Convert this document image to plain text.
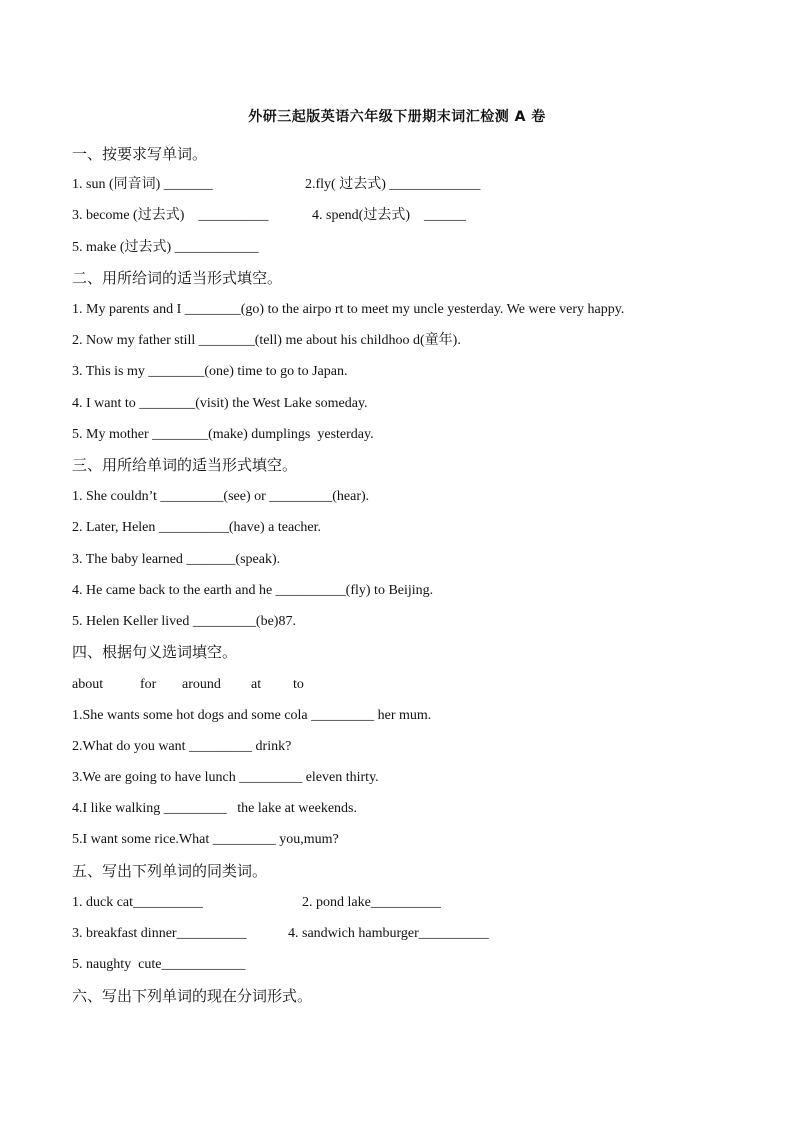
外研三起版英语六年级下册期末词汇检测 A 卷
一、按要求写单词。
1. sun (同音词) _______	2.fly( 过去式) _____________
3. become (过去式)    __________	4. spend(过去式)    ______
5. make (过去式) ____________
二、用所给词的适当形式填空。
1. My parents and I ________(go) to the airpo rt to meet my uncle yesterday. We were very happy.
2. Now my father still ________(tell) me about his childhoo d(童年).
3. This is my ________(one) time to go to Japan.
4. I want to ________(visit) the West Lake someday.
5. My mother ________(make) dumplings  yesterday.
三、用所给单词的适当形式填空。
1. She couldn’t _________(see) or _________(hear).
2. Later, Helen __________(have) a teacher.
3. The baby learned _______(speak).
4. He came back to the earth and he __________(fly) to Beijing.
5. Helen Keller lived _________(be)87.
四、根据句义选词填空。
about	for around at to
1.She wants some hot dogs and some cola _________ her mum.
2.What do you want _________ drink?
3.We are going to have lunch _________ eleven thirty.
4.I like walking _________   the lake at weekends.
5.I want some rice.What _________ you,mum?
五、写出下列单词的同类词。
1. duck cat__________	2. pond lake__________
3. breakfast dinner__________	4. sandwich hamburger__________
5. naughty  cute____________
六、写出下列单词的现在分词形式。
